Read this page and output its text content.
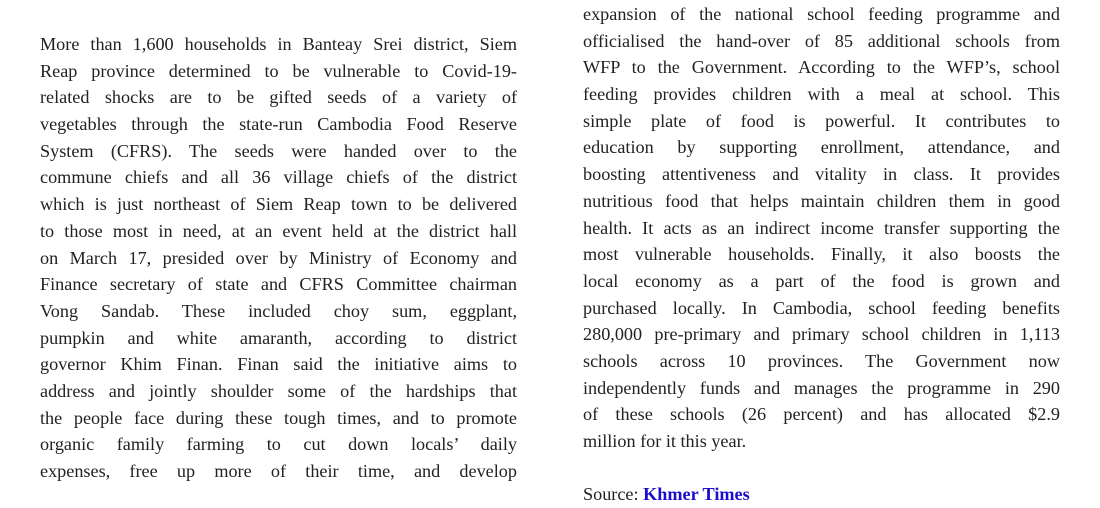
More than 1,600 households in Banteay Srei district, Siem
Reap province determined to be vulnerable to Covid-19-
related shocks are to be gifted seeds of a variety of
vegetables through the state-run Cambodia Food Reserve
System (CFRS). The seeds were handed over to the
commune chiefs and all 36 village chiefs of the district
which is just northeast of Siem Reap town to be delivered
to those most in need, at an event held at the district hall
on March 17, presided over by Ministry of Economy and
Finance secretary of state and CFRS Committee chairman
Vong Sandab. These included choy sum, eggplant,
pumpkin and white amaranth, according to district
governor Khim Finan. Finan said the initiative aims to
address and jointly shoulder some of the hardships that
the people face during these tough times, and to promote
organic family farming to cut down locals’ daily
expenses, free up more of their time, and develop
expansion of the national school feeding programme and
officialised the hand-over of 85 additional schools from
WFP to the Government. According to the WFP’s, school
feeding provides children with a meal at school. This
simple plate of food is powerful. It contributes to
education by supporting enrollment, attendance, and
boosting attentiveness and vitality in class. It provides
nutritious food that helps maintain children them in good
health. It acts as an indirect income transfer supporting the
most vulnerable households. Finally, it also boosts the
local economy as a part of the food is grown and
purchased locally. In Cambodia, school feeding benefits
280,000 pre-primary and primary school children in 1,113
schools across 10 provinces. The Government now
independently funds and manages the programme in 290
of these schools (26 percent) and has allocated $2.9
million for it this year.
Source: Khmer Times
